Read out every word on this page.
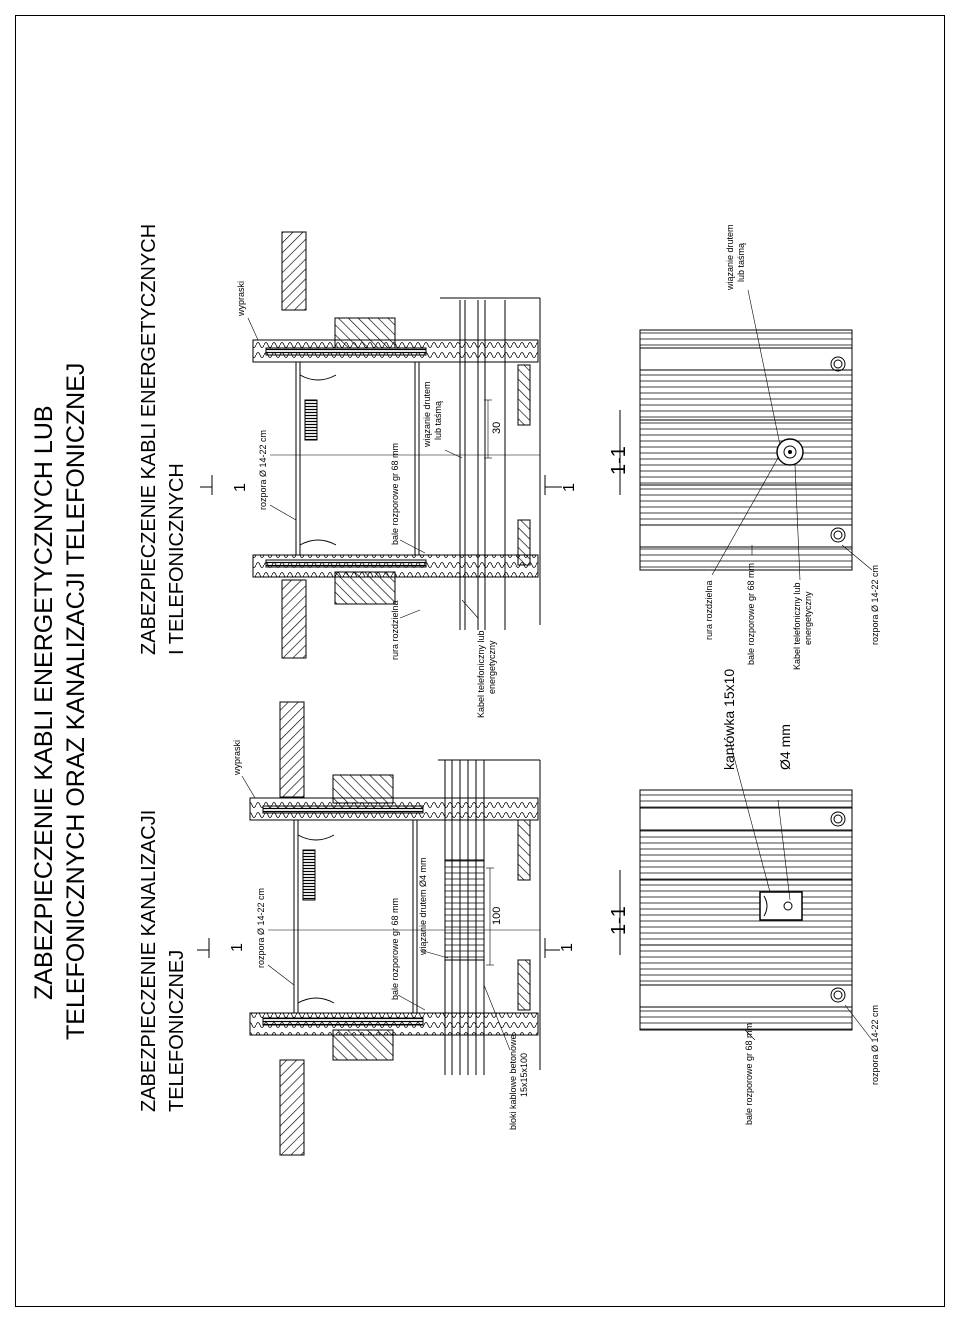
ZABEZPIECZENIE KABLI ENERGETYCZNYCH LUB TELEFONICZNYCH ORAZ KANALIZACJI TELEFONICZNEJ ZABEZPIECZENIE KANALIZACJI TELEFONICZNEJ
ZABEZPIECZENIE KABLI ENERGETYCZNYCH I TELEFONICZNYCH	1	1
wypraski
rozpora Ø 14-22 cm	bale rozporowe gr 68 mm
wiązanie drutem lub taśmą
rura rozdzielna
Kabel telefoniczny lub energetyczny
30
1	1
wypraski
rozpora Ø 14-22 cm	bale rozporowe gr 68 mm wiązanie drutem Ø4 mm
bloki kablowe betonowe 15x15x100
100	1-1
kantówka 15x10	Ø4 mm
bale rozporowe gr 68 mm	rozpora Ø 14-22 cm
1-1
wiązanie drutem lub taśmą
rura rozdzielna	bale rozporowe gr 68 mm	Kabel telefoniczny lub energetyczny	rozpora Ø 14-22 cm
